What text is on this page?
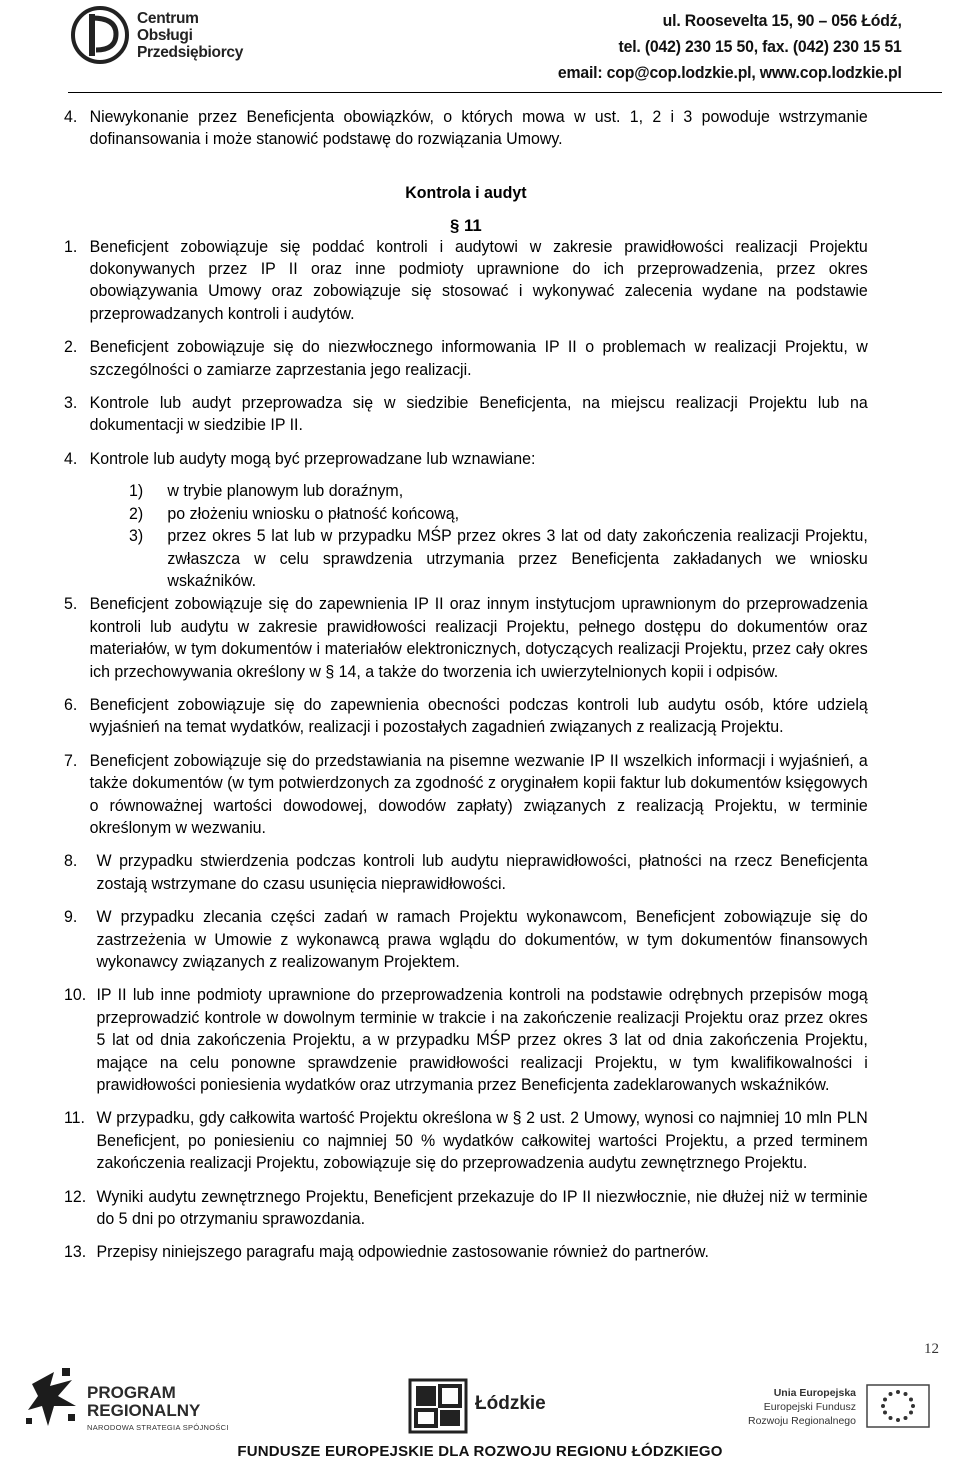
Centrum
Obsługi
Przedsiębiorcy
ul. Roosevelta 15, 90 – 056 Łódź,
tel. (042) 230 15 50, fax. (042) 230 15 51
email: cop@cop.lodzkie.pl, www.cop.lodzkie.pl
4. Niewykonanie przez Beneficjenta obowiązków, o których mowa w ust. 1, 2 i 3 powoduje wstrzymanie dofinansowania i może stanowić podstawę do rozwiązania Umowy.
Kontrola i audyt
§ 11
1. Beneficjent zobowiązuje się poddać kontroli i audytowi w zakresie prawidłowości realizacji Projektu dokonywanych przez IP II oraz inne podmioty uprawnione do ich przeprowadzenia, przez okres obowiązywania Umowy oraz zobowiązuje się stosować i wykonywać zalecenia wydane na podstawie przeprowadzanych kontroli i audytów.
2. Beneficjent zobowiązuje się do niezwłocznego informowania IP II o problemach w realizacji Projektu, w szczególności o zamiarze zaprzestania jego realizacji.
3. Kontrole lub audyt przeprowadza się w siedzibie Beneficjenta, na miejscu realizacji Projektu lub na dokumentacji w siedzibie IP II.
4. Kontrole lub audyty mogą być przeprowadzane lub wznawiane:
1) w trybie planowym lub doraźnym,
2) po złożeniu wniosku o płatność końcową,
3) przez okres 5 lat lub w przypadku MŚP przez okres 3 lat od daty zakończenia realizacji Projektu, zwłaszcza w celu sprawdzenia utrzymania przez Beneficjenta zakładanych we wniosku wskaźników.
5. Beneficjent zobowiązuje się do zapewnienia IP II oraz innym instytucjom uprawnionym do przeprowadzenia kontroli lub audytu w zakresie prawidłowości realizacji Projektu, pełnego dostępu do dokumentów oraz materiałów, w tym dokumentów i materiałów elektronicznych, dotyczących realizacji Projektu, przez cały okres ich przechowywania określony w § 14, a także do tworzenia ich uwierzytelnionych kopii i odpisów.
6. Beneficjent zobowiązuje się do zapewnienia obecności podczas kontroli lub audytu osób, które udzielą wyjaśnień na temat wydatków, realizacji i pozostałych zagadnień związanych z realizacją Projektu.
7. Beneficjent zobowiązuje się do przedstawiania na pisemne wezwanie IP II wszelkich informacji i wyjaśnień, a także dokumentów (w tym potwierdzonych za zgodność z oryginałem kopii faktur lub dokumentów księgowych o równoważnej wartości dowodowej, dowodów zapłaty) związanych z realizacją Projektu, w terminie określonym w wezwaniu.
8. W przypadku stwierdzenia podczas kontroli lub audytu nieprawidłowości, płatności na rzecz Beneficjenta zostają wstrzymane do czasu usunięcia nieprawidłowości.
9. W przypadku zlecania części zadań w ramach Projektu wykonawcom, Beneficjent zobowiązuje się do zastrzeżenia w Umowie z wykonawcą prawa wglądu do dokumentów, w tym dokumentów finansowych wykonawcy związanych z realizowanym Projektem.
10. IP II lub inne podmioty uprawnione do przeprowadzenia kontroli na podstawie odrębnych przepisów mogą przeprowadzić kontrole w dowolnym terminie w trakcie i na zakończenie realizacji Projektu oraz przez okres 5 lat od dnia zakończenia Projektu, a w przypadku MŚP przez okres 3 lat od dnia zakończenia Projektu, mające na celu ponowne sprawdzenie prawidłowości realizacji Projektu, w tym kwalifikowalności i prawidłowości poniesienia wydatków oraz utrzymania przez Beneficjenta zadeklarowanych wskaźników.
11. W przypadku, gdy całkowita wartość Projektu określona w § 2 ust. 2 Umowy, wynosi co najmniej 10 mln PLN Beneficjent, po poniesieniu co najmniej 50 % wydatków całkowitej wartości Projektu, a przed terminem zakończenia realizacji Projektu, zobowiązuje się do przeprowadzenia audytu zewnętrznego Projektu.
12. Wyniki audytu zewnętrznego Projektu, Beneficjent przekazuje do IP II niezwłocznie, nie dłużej niż w terminie do 5 dni po otrzymaniu sprawozdania.
13. Przepisy niniejszego paragrafu mają odpowiednie zastosowanie również do partnerów.
12
PROGRAM
REGIONALNY
NARODOWA STRATEGIA SPÓJNOŚCI
Łódzkie	Unia Europejska
Europejski Fundusz
Rozwoju Regionalnego
FUNDUSZE EUROPEJSKIE DLA ROZWOJU REGIONU ŁÓDZKIEGO
